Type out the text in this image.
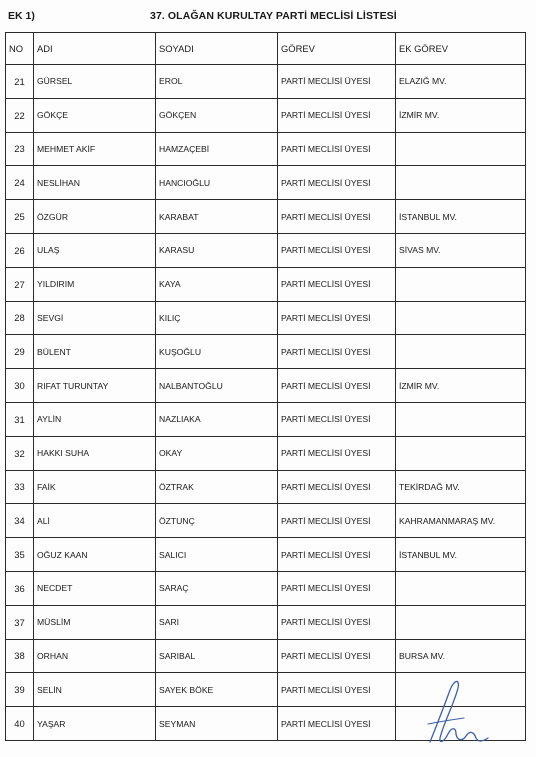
EK 1)	37. OLAĞAN KURULTAY PARTİ MECLİSİ LİSTESİ
NO	ADI	SOYADI	GÖREV	EK GÖREV
21	GÜRSEL	EROL	PARTİ MECLİSİ ÜYESİ	ELAZIĞ MV.
22	GÖKÇE	GÖKÇEN	PARTİ MECLİSİ ÜYESİ	İZMİR MV.
23	MEHMET AKİF	HAMZAÇEBİ	PARTİ MECLİSİ ÜYESİ	
24	NESLİHAN	HANCIOĞLU	PARTİ MECLİSİ ÜYESİ	
25	ÖZGÜR	KARABAT	PARTİ MECLİSİ ÜYESİ	İSTANBUL MV.
26	ULAŞ	KARASU	PARTİ MECLİSİ ÜYESİ	SİVAS MV.
27	YILDIRIM	KAYA	PARTİ MECLİSİ ÜYESİ	
28	SEVGİ	KILIÇ	PARTİ MECLİSİ ÜYESİ	
29	BÜLENT	KUŞOĞLU	PARTİ MECLİSİ ÜYESİ	
30	RIFAT TURUNTAY	NALBANTOĞLU	PARTİ MECLİSİ ÜYESİ	İZMİR MV.
31	AYLİN	NAZLIAKA	PARTİ MECLİSİ ÜYESİ	
32	HAKKI SUHA	OKAY	PARTİ MECLİSİ ÜYESİ	
33	FAİK	ÖZTRAK	PARTİ MECLİSİ ÜYESİ	TEKİRDAĞ MV.
34	ALİ	ÖZTUNÇ	PARTİ MECLİSİ ÜYESİ	KAHRAMANMARAŞ MV.
35	OĞUZ KAAN	SALICI	PARTİ MECLİSİ ÜYESİ	İSTANBUL MV.
36	NECDET	SARAÇ	PARTİ MECLİSİ ÜYESİ	
37	MÜSLİM	SARI	PARTİ MECLİSİ ÜYESİ	
38	ORHAN	SARIBAL	PARTİ MECLİSİ ÜYESİ	BURSA MV.
39	SELİN	SAYEK BÖKE	PARTİ MECLİSİ ÜYESİ	
40	YAŞAR	SEYMAN	PARTİ MECLİSİ ÜYESİ	
